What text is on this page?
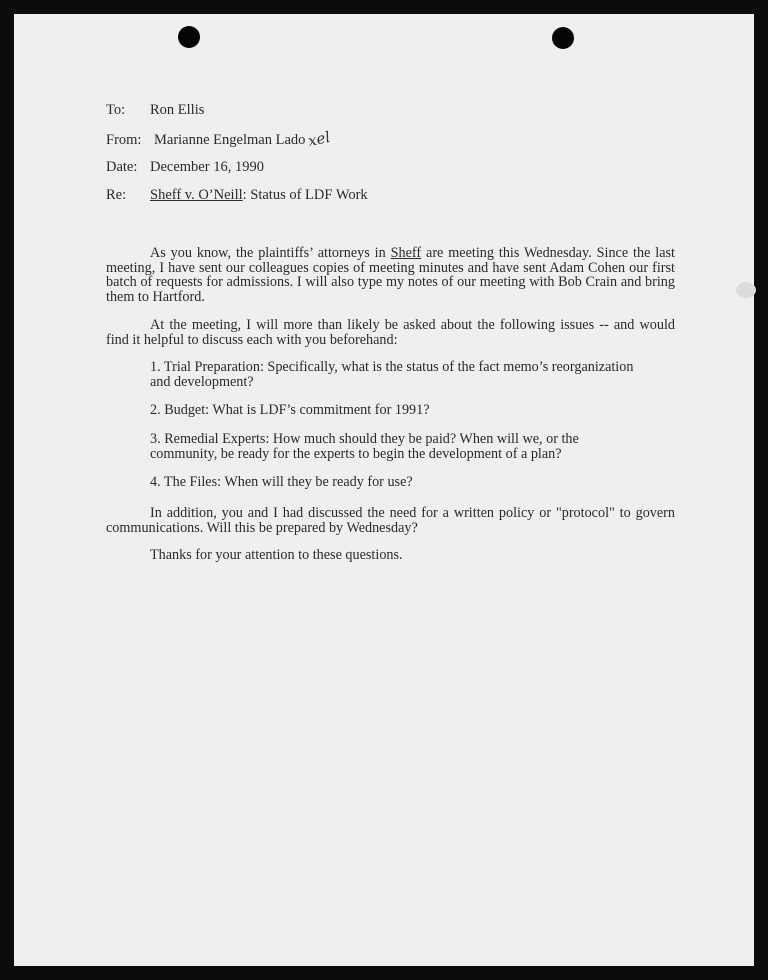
To: Ron Ellis
From: Marianne Engelman Ladoxel
Date: December 16, 1990
Re: Sheff v. O’Neill: Status of LDF Work
As you know, the plaintiffs’ attorneys in Sheff are meeting this Wednesday. Since the last meeting, I have sent our colleagues copies of meeting minutes and have sent Adam Cohen our first batch of requests for admissions. I will also type my notes of our meeting with Bob Crain and bring them to Hartford.
At the meeting, I will more than likely be asked about the following issues -- and would find it helpful to discuss each with you beforehand:
1. Trial Preparation: Specifically, what is the status of the fact memo’s reorganization and development?
2. Budget: What is LDF’s commitment for 1991?
3. Remedial Experts: How much should they be paid? When will we, or the community, be ready for the experts to begin the development of a plan?
4. The Files: When will they be ready for use?
In addition, you and I had discussed the need for a written policy or "protocol" to govern communications. Will this be prepared by Wednesday?
Thanks for your attention to these questions.
